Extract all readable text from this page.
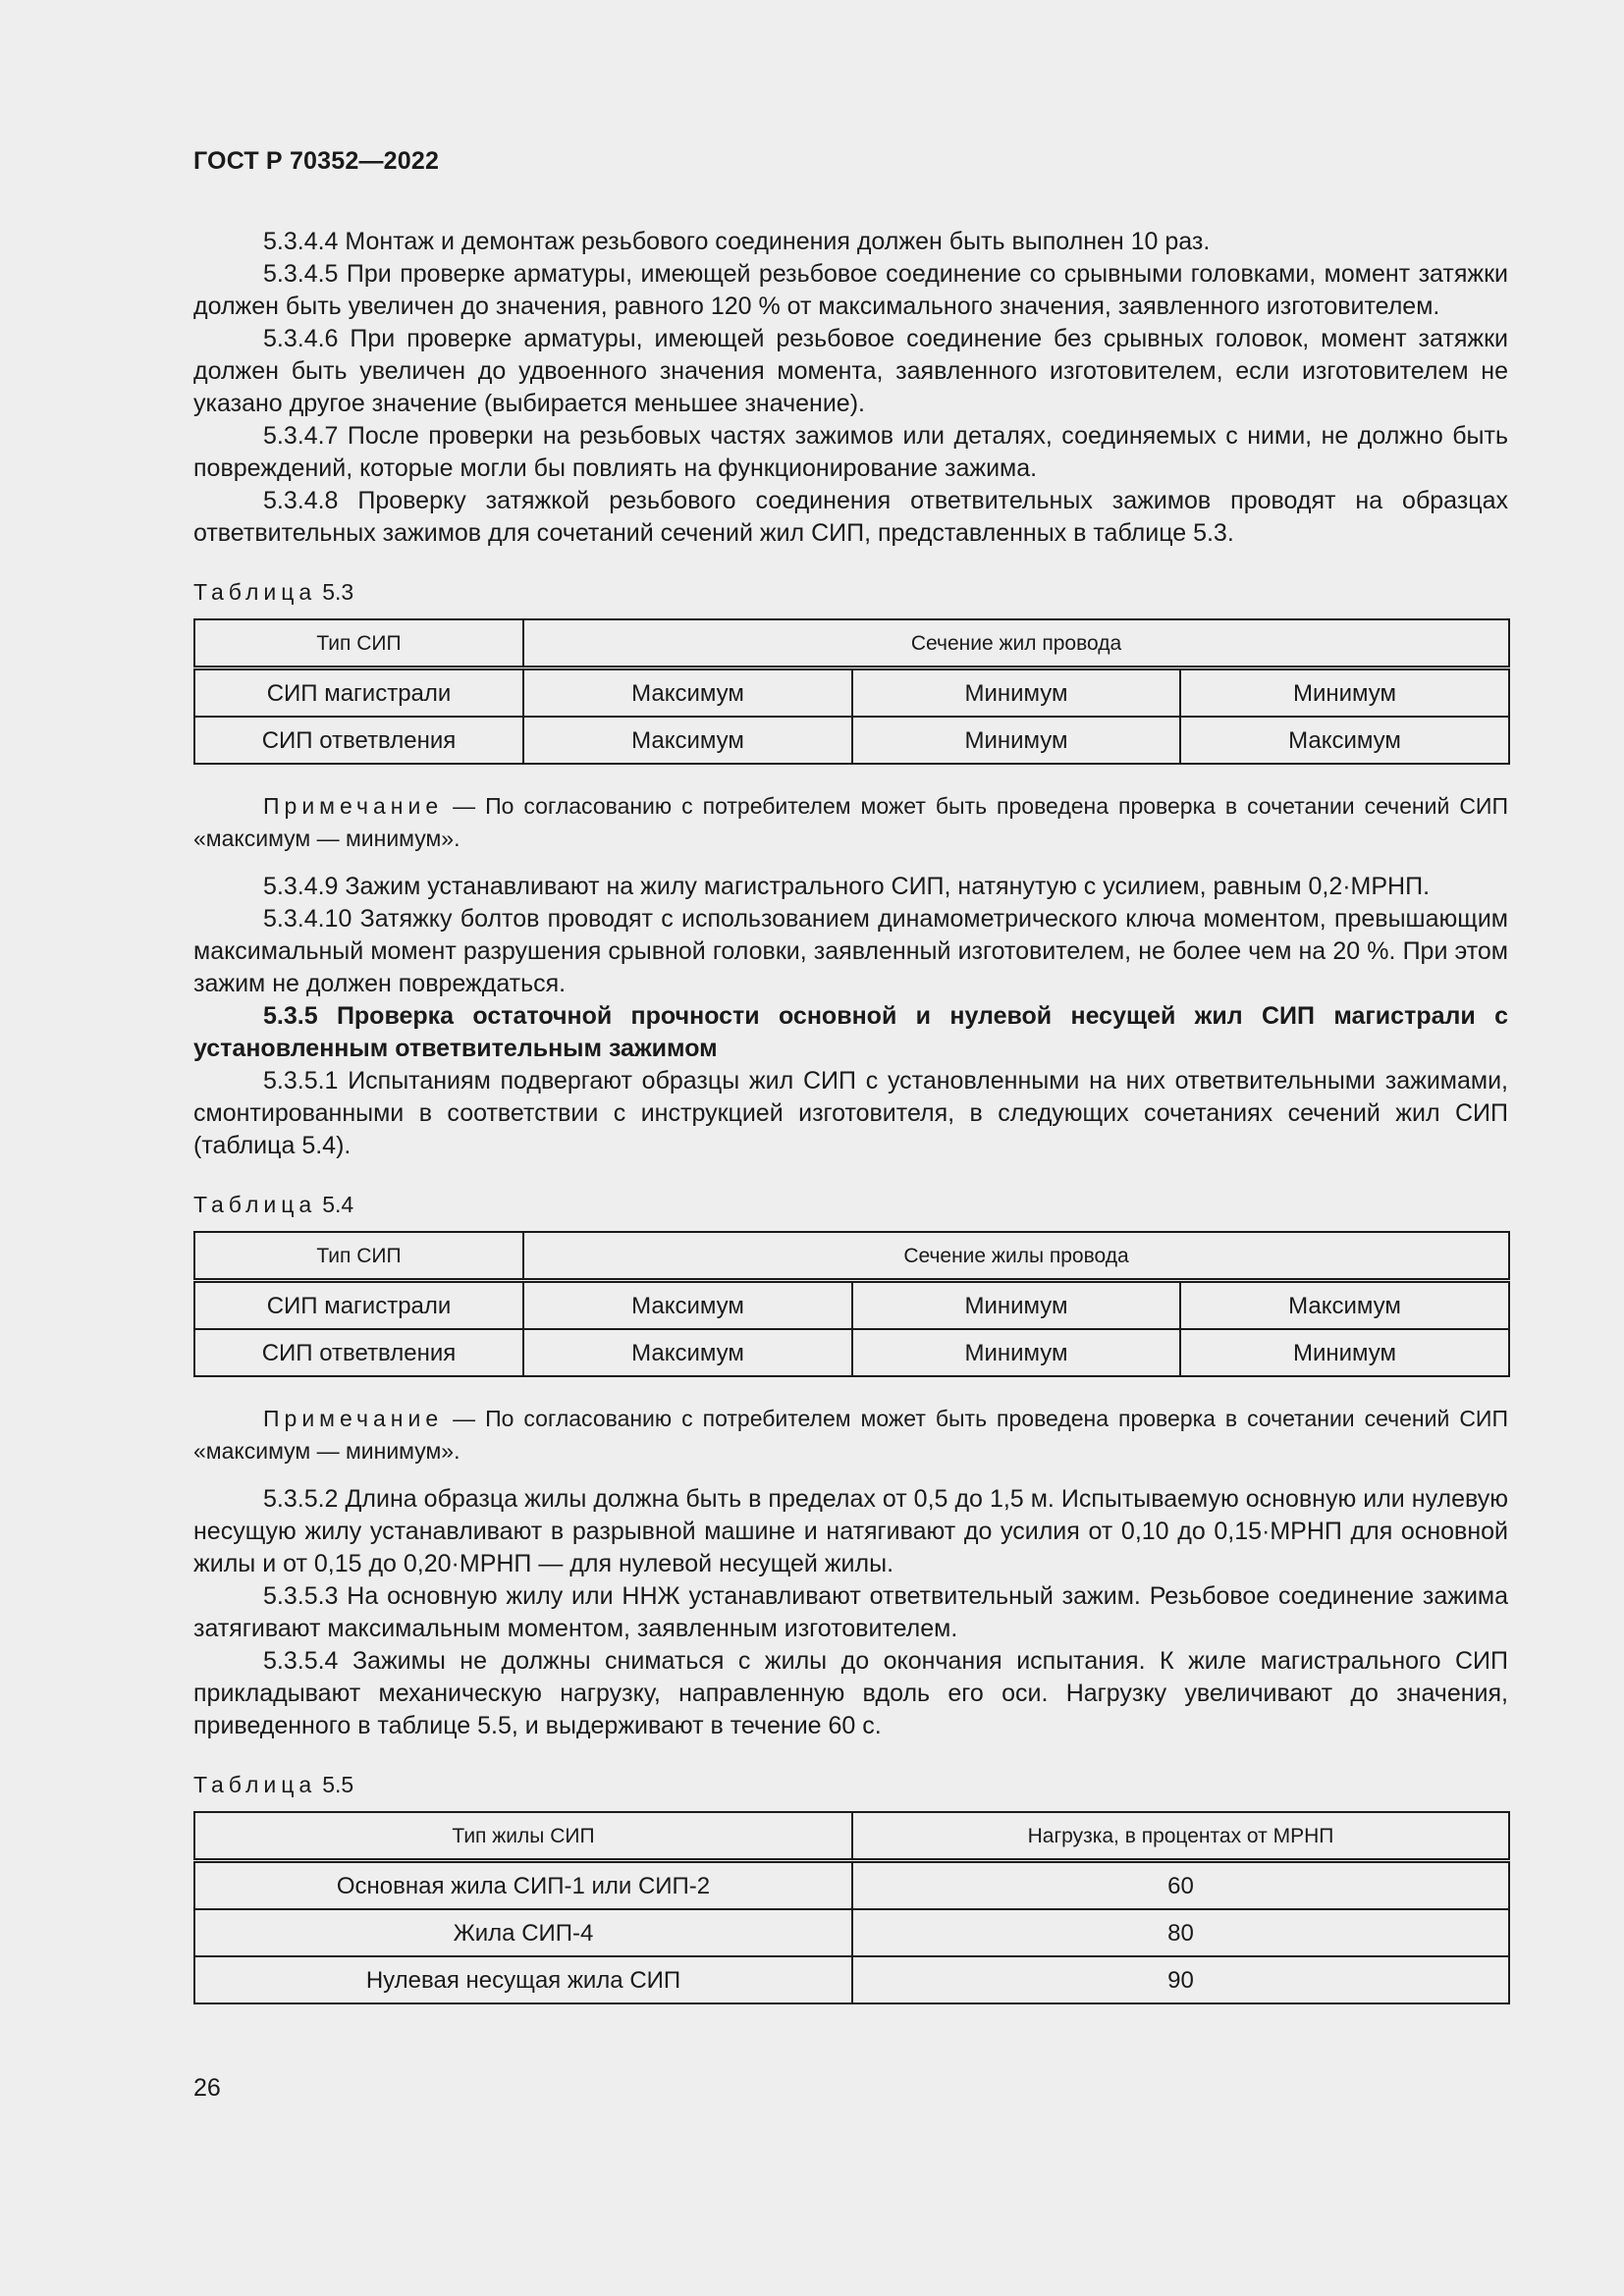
ГОСТ Р 70352—2022

5.3.4.4 Монтаж и демонтаж резьбового соединения должен быть выполнен 10 раз.

5.3.4.5 При проверке арматуры, имеющей резьбовое соединение со срывными головками, момент затяжки должен быть увеличен до значения, равного 120 % от максимального значения, заявленного изготовителем.

5.3.4.6 При проверке арматуры, имеющей резьбовое соединение без срывных головок, момент затяжки должен быть увеличен до удвоенного значения момента, заявленного изготовителем, если изготовителем не указано другое значение (выбирается меньшее значение).

5.3.4.7 После проверки на резьбовых частях зажимов или деталях, соединяемых с ними, не должно быть повреждений, которые могли бы повлиять на функционирование зажима.

5.3.4.8 Проверку затяжкой резьбового соединения ответвительных зажимов проводят на образцах ответвительных зажимов для сочетаний сечений жил СИП, представленных в таблице 5.3.

Таблица 5.3

Тип СИП	Сечение жил провода		
СИП магистрали	Максимум	Минимум	Минимум
СИП ответвления	Максимум	Минимум	Максимум

Примечание — По согласованию с потребителем может быть проведена проверка в сочетании сечений СИП «максимум — минимум».

5.3.4.9 Зажим устанавливают на жилу магистрального СИП, натянутую с усилием, равным 0,2·МРНП.

5.3.4.10 Затяжку болтов проводят с использованием динамометрического ключа моментом, превышающим максимальный момент разрушения срывной головки, заявленный изготовителем, не более чем на 20 %. При этом зажим не должен повреждаться.

5.3.5 Проверка остаточной прочности основной и нулевой несущей жил СИП магистрали с установленным ответвительным зажимом

5.3.5.1 Испытаниям подвергают образцы жил СИП с установленными на них ответвительными зажимами, смонтированными в соответствии с инструкцией изготовителя, в следующих сочетаниях сечений жил СИП (таблица 5.4).

Таблица 5.4

Тип СИП	Сечение жилы провода		
СИП магистрали	Максимум	Минимум	Максимум
СИП ответвления	Максимум	Минимум	Минимум

Примечание — По согласованию с потребителем может быть проведена проверка в сочетании сечений СИП «максимум — минимум».

5.3.5.2 Длина образца жилы должна быть в пределах от 0,5 до 1,5 м. Испытываемую основную или нулевую несущую жилу устанавливают в разрывной машине и натягивают до усилия от 0,10 до 0,15·МРНП для основной жилы и от 0,15 до 0,20·МРНП — для нулевой несущей жилы.

5.3.5.3 На основную жилу или ННЖ устанавливают ответвительный зажим. Резьбовое соединение зажима затягивают максимальным моментом, заявленным изготовителем.

5.3.5.4 Зажимы не должны сниматься с жилы до окончания испытания. К жиле магистрального СИП прикладывают механическую нагрузку, направленную вдоль его оси. Нагрузку увеличивают до значения, приведенного в таблице 5.5, и выдерживают в течение 60 с.

Таблица 5.5

Тип жилы СИП	Нагрузка, в процентах от МРНП
Основная жила СИП-1 или СИП-2	60
Жила СИП-4	80
Нулевая несущая жила СИП	90
26
